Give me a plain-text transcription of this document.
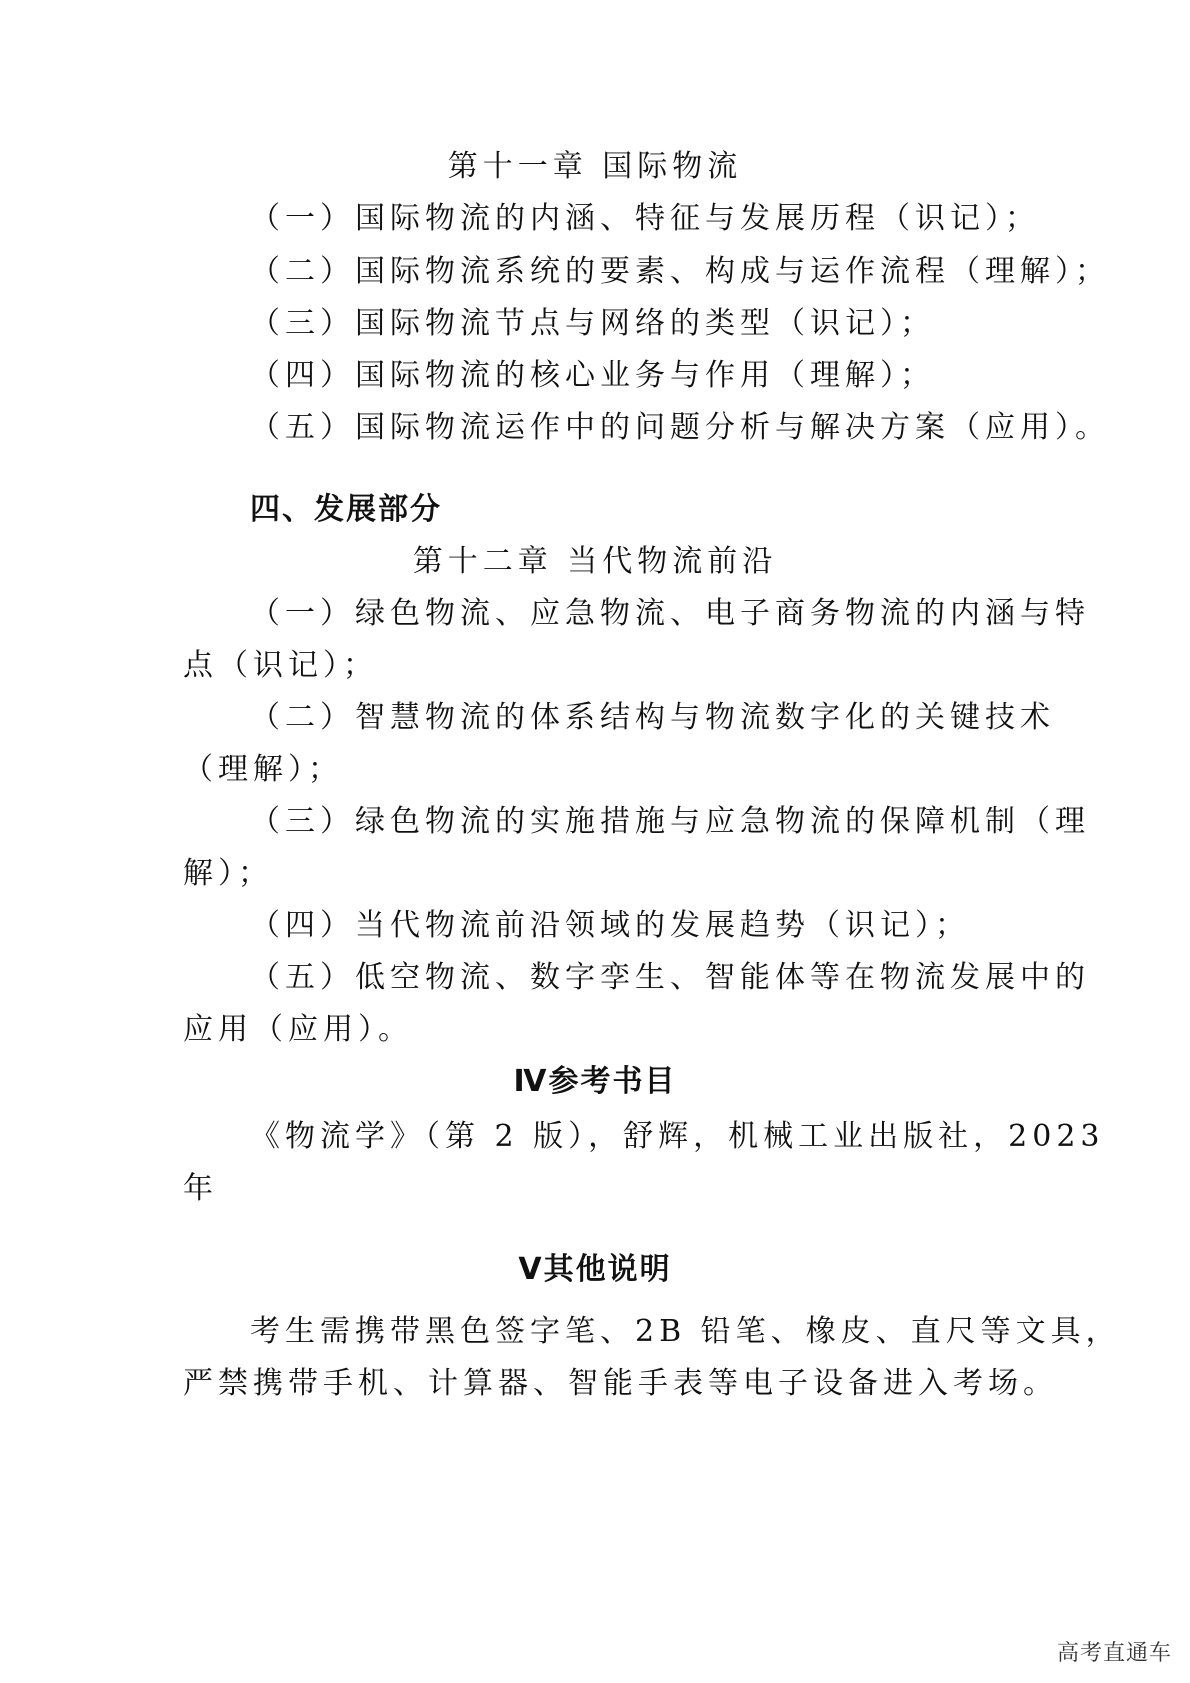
第十一章 国际物流
（一）国际物流的内涵、特征与发展历程（识记）；
（二）国际物流系统的要素、构成与运作流程（理解）；
（三）国际物流节点与网络的类型（识记）；
（四）国际物流的核心业务与作用（理解）；
（五）国际物流运作中的问题分析与解决方案（应用）。
四、发展部分
第十二章 当代物流前沿
（一）绿色物流、应急物流、电子商务物流的内涵与特
点（识记）；
（二）智慧物流的体系结构与物流数字化的关键技术
（理解）；
（三）绿色物流的实施措施与应急物流的保障机制（理
解）；
（四）当代物流前沿领域的发展趋势（识记）；
（五）低空物流、数字孪生、智能体等在物流发展中的
应用（应用）。
Ⅳ参考书目
《物流学》（第 2 版），舒辉，机械工业出版社，2023
年
Ⅴ其他说明
考生需携带黑色签字笔、2B 铅笔、橡皮、直尺等文具，
严禁携带手机、计算器、智能手表等电子设备进入考场。
高考直通车
